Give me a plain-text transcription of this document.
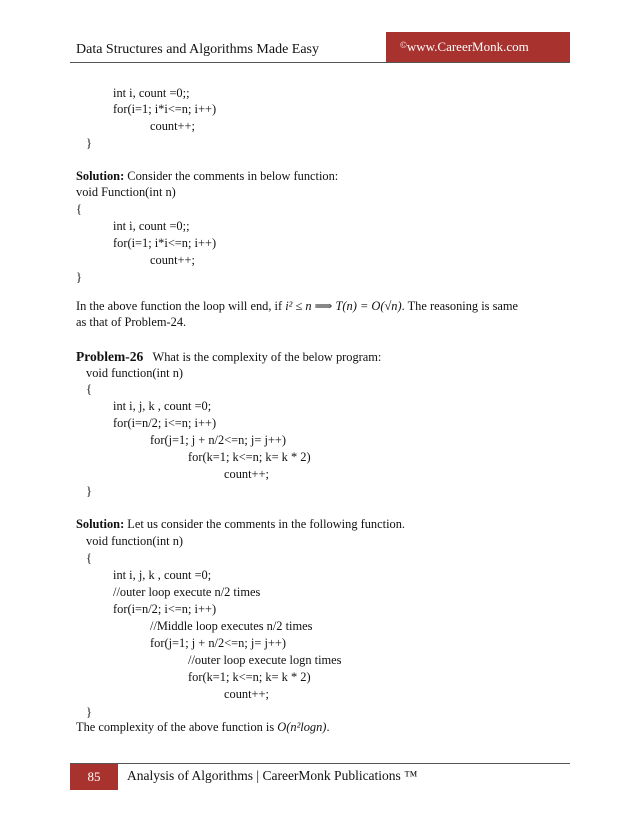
Data Structures and Algorithms Made Easy	©www.CareerMonk.com
int i, count =0;;
for(i=1; i*i<=n; i++)
count++;
}
Solution: Consider the comments in below function:
void Function(int n)
{
int i, count =0;;
for(i=1; i*i<=n; i++)
count++;
}
In the above function the loop will end, if i² ≤ n ⟹ T(n) = O(√n). The reasoning is same
as that of Problem-24.
Problem-26 What is the complexity of the below program:
void function(int n)
{
int i, j, k , count =0;
for(i=n/2; i<=n; i++)
for(j=1; j + n/2<=n; j= j++)
for(k=1; k<=n; k= k * 2)
count++;
}
Solution: Let us consider the comments in the following function.
void function(int n)
{
int i, j, k , count =0;
//outer loop execute n/2 times
for(i=n/2; i<=n; i++)
//Middle loop executes n/2 times
for(j=1; j + n/2<=n; j= j++)
//outer loop execute logn times
for(k=1; k<=n; k= k * 2)
count++;
}
The complexity of the above function is O(n²logn).
85	Analysis of Algorithms | CareerMonk Publications ™
